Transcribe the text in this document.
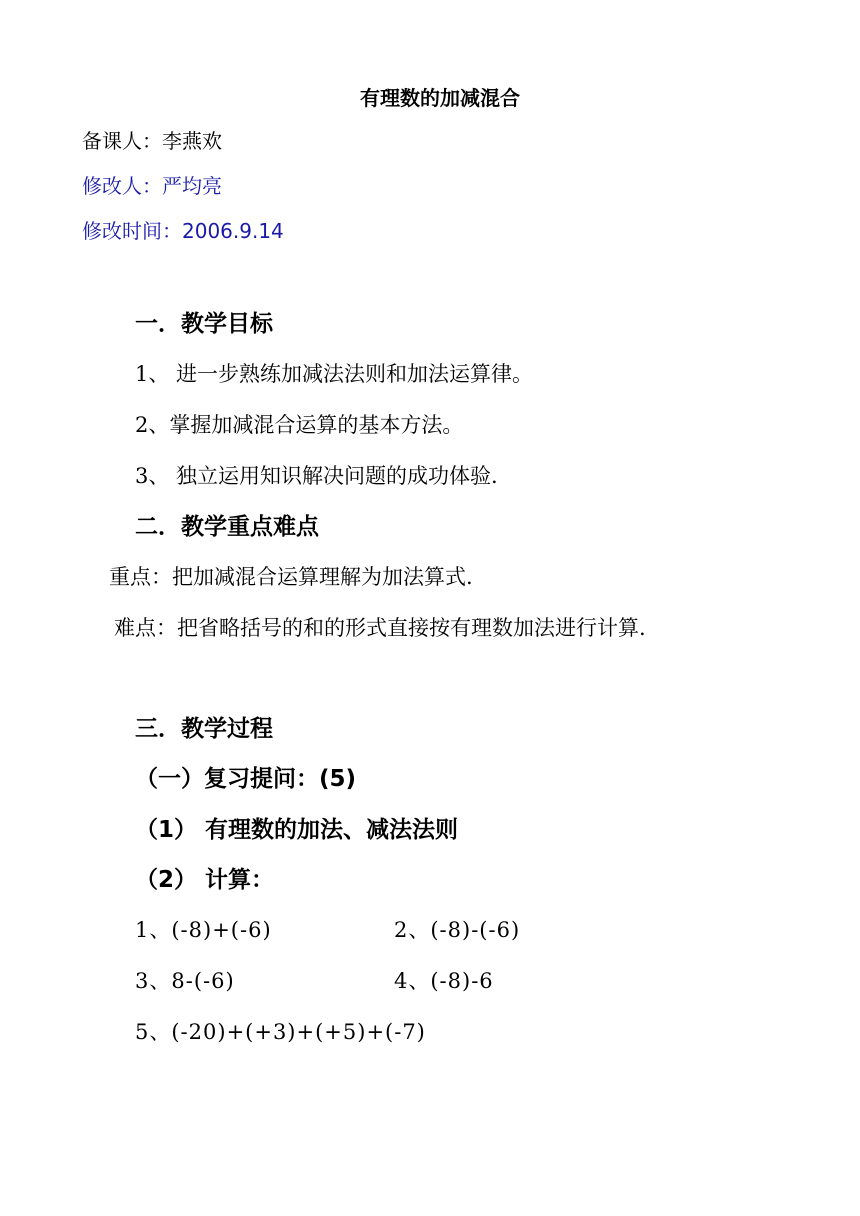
有理数的加减混合
备课人：李燕欢
修改人：严均亮
修改时间：2006.9.14
一．教学目标
1、 进一步熟练加减法法则和加法运算律。
2、掌握加减混合运算的基本方法。
3、 独立运用知识解决问题的成功体验.
二．教学重点难点
重点：把加减混合运算理解为加法算式.
难点：把省略括号的和的形式直接按有理数加法进行计算.
三．教学过程
（一）复习提问：(5)
（1） 有理数的加法、减法法则
（2） 计算：
1、(-8)+(-6)	2、(-8)-(-6)
3、8-(-6)	4、(-8)-6
5、(-20)+(+3)+(+5)+(-7)
